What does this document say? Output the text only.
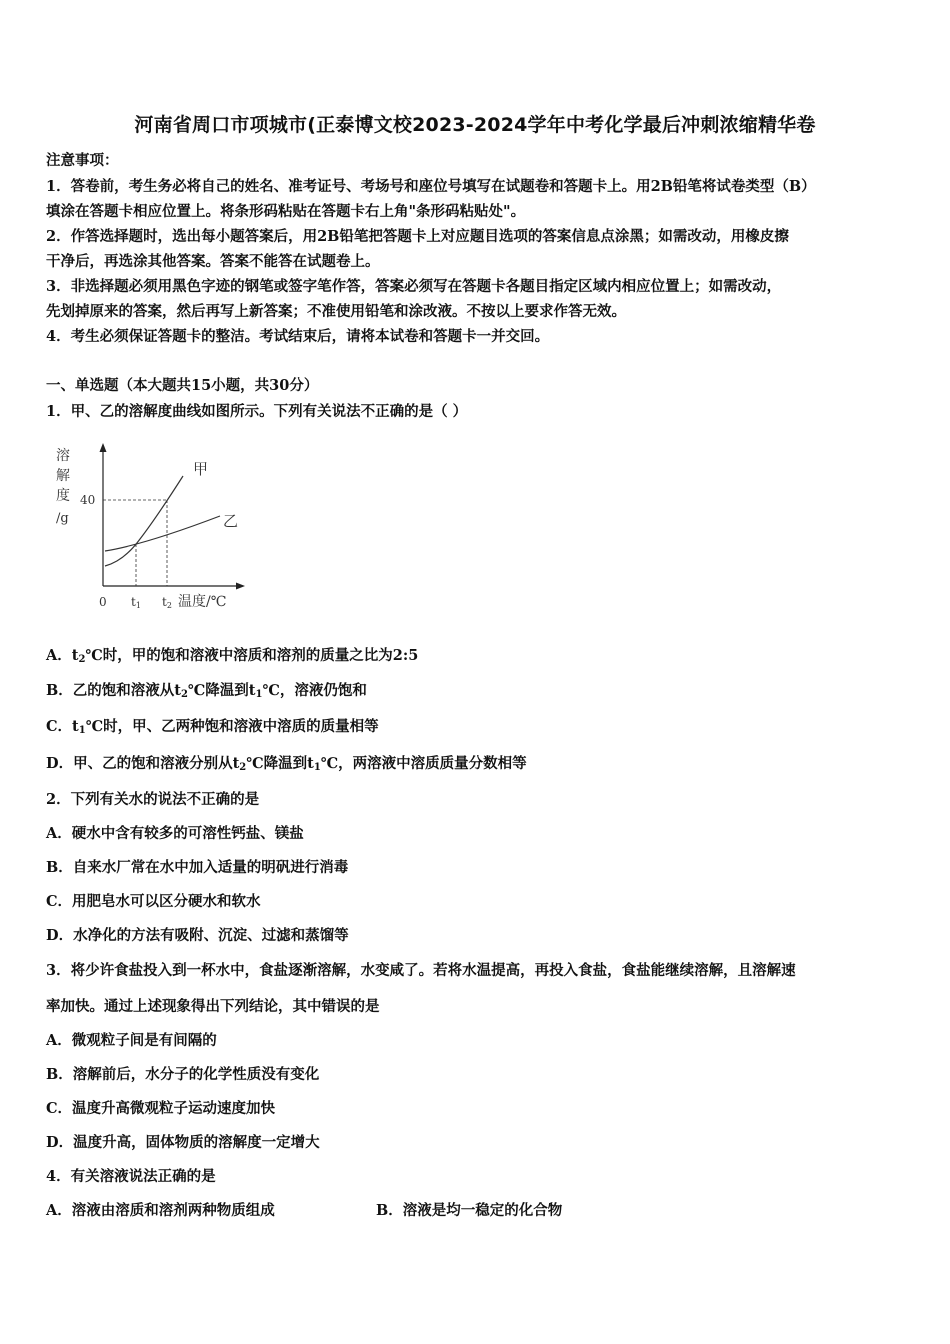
河南省周口市项城市(正泰博文校2023-2024学年中考化学最后冲刺浓缩精华卷
注意事项：
1．答卷前，考生务必将自己的姓名、准考证号、考场号和座位号填写在试题卷和答题卡上。用2B铅笔将试卷类型（B）
填涂在答题卡相应位置上。将条形码粘贴在答题卡右上角"条形码粘贴处"。
2．作答选择题时，选出每小题答案后，用2B铅笔把答题卡上对应题目选项的答案信息点涂黑；如需改动，用橡皮擦
干净后，再选涂其他答案。答案不能答在试题卷上。
3．非选择题必须用黑色字迹的钢笔或签字笔作答，答案必须写在答题卡各题目指定区域内相应位置上；如需改动，
先划掉原来的答案，然后再写上新答案；不准使用铅笔和涂改液。不按以上要求作答无效。
4．考生必须保证答题卡的整洁。考试结束后，请将本试卷和答题卡一并交回。
一、单选题（本大题共15小题，共30分）
1．甲、乙的溶解度曲线如图所示。下列有关说法不正确的是（ ）
溶
解
度
/g
40
甲
乙
0 t1 t2 温度/℃
A．$t_2℃$时，甲的饱和溶液中溶质和溶剂的质量之比为2:5
B．乙的饱和溶液从$t_2℃$降温到$t_1℃$，溶液仍饱和
C．$t_1℃$时，甲、乙两种饱和溶液中溶质的质量相等
D．甲、乙的饱和溶液分别从$t_2℃$降温到$t_1℃$，两溶液中溶质质量分数相等
2．下列有关水的说法不正确的是
A．硬水中含有较多的可溶性钙盐、镁盐
B．自来水厂常在水中加入适量的明矾进行消毒
C．用肥皂水可以区分硬水和软水
D．水净化的方法有吸附、沉淀、过滤和蒸馏等
3．将少许食盐投入到一杯水中，食盐逐渐溶解，水变咸了。若将水温提高，再投入食盐，食盐能继续溶解，且溶解速
率加快。通过上述现象得出下列结论，其中错误的是
A．微观粒子间是有间隔的
B．溶解前后，水分子的化学性质没有变化
C．温度升高微观粒子运动速度加快
D．温度升高，固体物质的溶解度一定增大
4．有关溶液说法正确的是
A．溶液由溶质和溶剂两种物质组成	B．溶液是均一稳定的化合物
